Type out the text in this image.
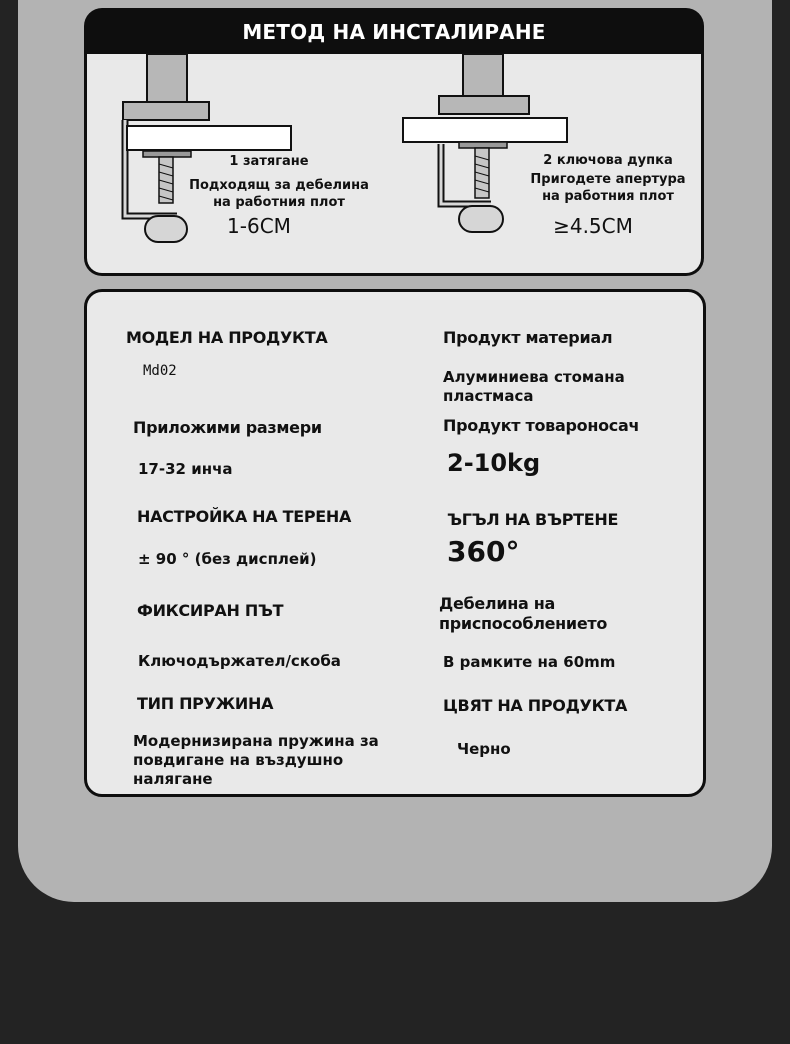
МЕТОД НА ИНСТАЛИРАНЕ
1 затягане
Подходящ за дебелина
на работния плот
1-6CM
2 ключова дупка
Пригодете апертура
на работния плот
≥4.5CM
МОДЕЛ НА ПРОДУКТА
Md02
Продукт материал
Алуминиева стомана
пластмаса
Приложими размери
17-32 инча
Продукт товароносач
2-10kg
НАСТРОЙКА НА ТЕРЕНА
± 90 ° (без дисплей)
ЪГЪЛ НА ВЪРТЕНЕ
360°
ФИКСИРАН ПЪТ
Ключодържател/скоба
Дебелина на
приспособлението
В рамките на 60mm
ТИП ПРУЖИНА
Модернизирана пружина за
повдигане на въздушно
налягане
ЦВЯТ НА ПРОДУКТА
Черно
